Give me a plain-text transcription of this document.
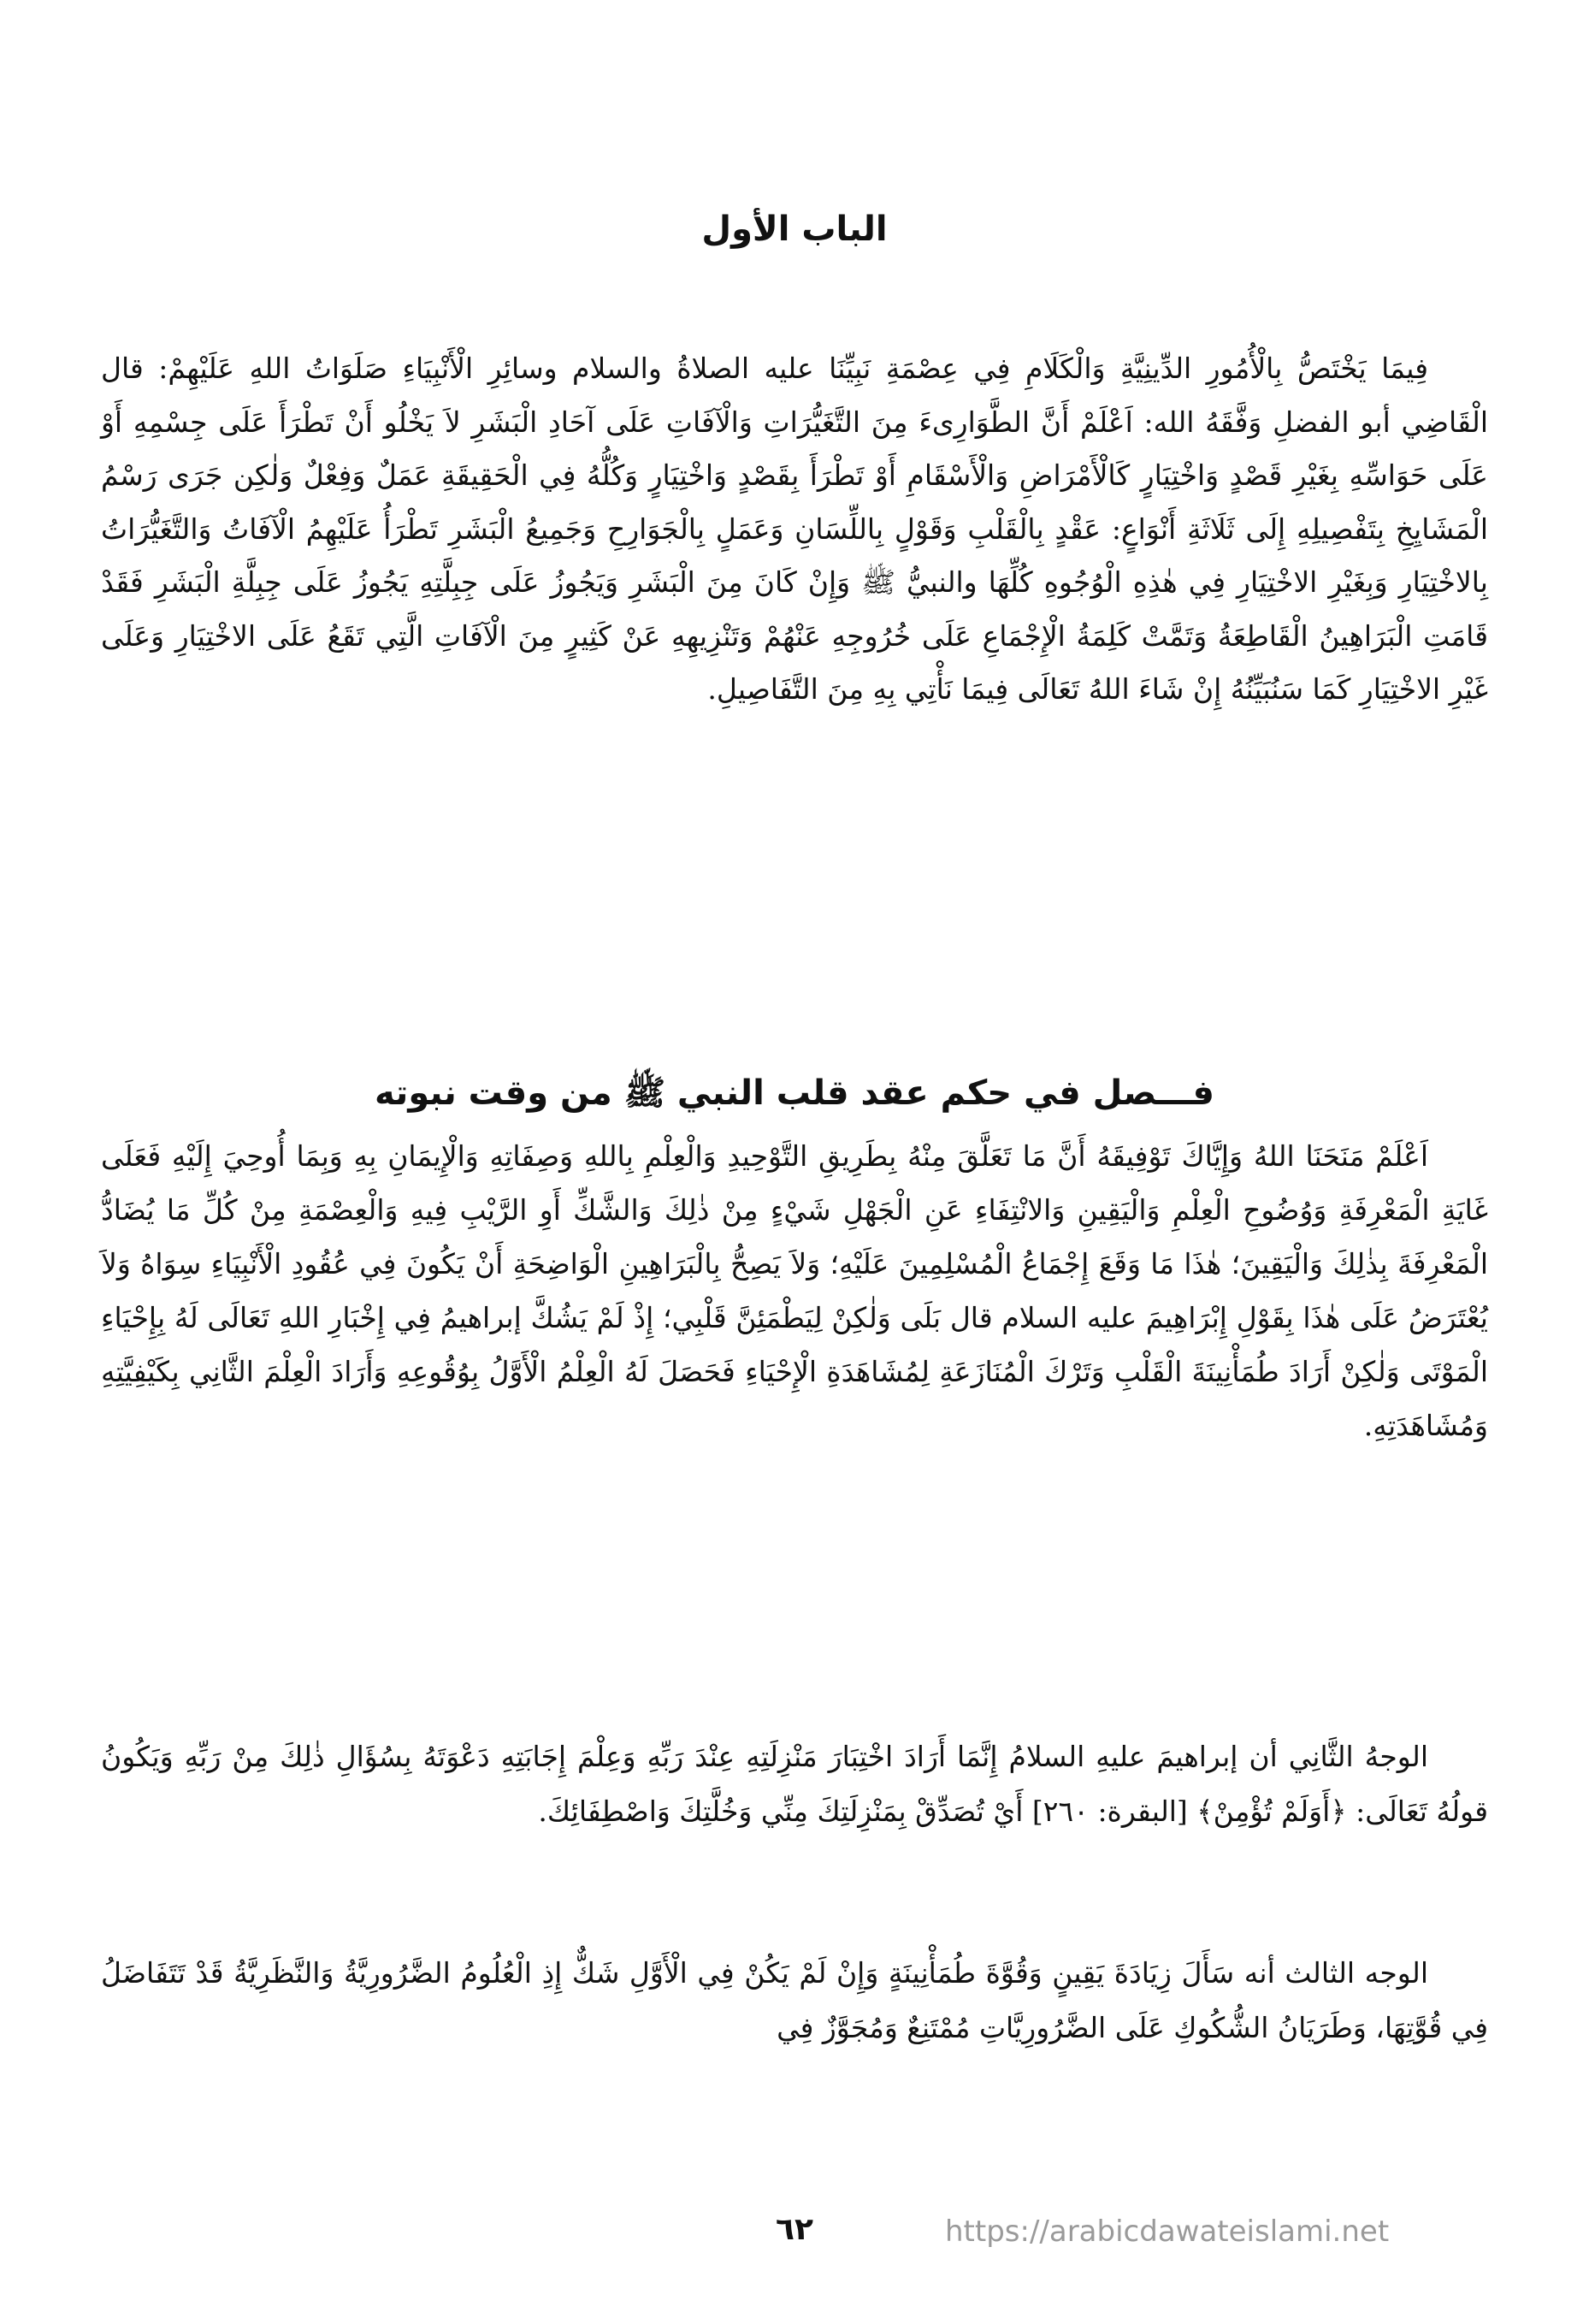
الباب الأول

فِيمَا يَخْتَصُّ بِالْأُمُورِ الدِّينِيَّةِ وَالْكَلَامِ فِي عِصْمَةِ نَبِيِّنَا عليه الصلاةُ والسلام وسائِرِ الْأَنْبِيَاءِ صَلَوَاتُ اللهِ عَلَيْهِمْ: قال الْقَاضِي أبو الفضلِ وَفَّقَهُ الله: اَعْلَمْ أَنَّ الطَّوَارِىءَ مِنَ التَّغَيُّرَاتِ وَالْآفَاتِ عَلَى آحَادِ الْبَشَرِ لاَ يَخْلُو أَنْ تَطْرَأَ عَلَى جِسْمِهِ أَوْ عَلَى حَوَاسِّهِ بِغَيْرِ قَصْدٍ وَاخْتِيَارٍ كَالْأَمْرَاضِ وَالْأَسْقَامِ أَوْ تَطْرَأَ بِقَصْدٍ وَاخْتِيَارٍ وَكُلُّهُ فِي الْحَقِيقَةِ عَمَلٌ وَفِعْلٌ وَلٰكِن جَرَى رَسْمُ الْمَشَايِخِ بِتَفْصِيلِهِ إِلَى ثَلَاثَةِ أَنْوَاعٍ: عَقْدٍ بِالْقَلْبِ وَقَوْلٍ بِاللِّسَانِ وَعَمَلٍ بِالْجَوَارِحِ وَجَمِيعُ الْبَشَرِ تَطْرَأُ عَلَيْهِمُ الْآفَاتُ وَالتَّغَيُّرَاتُ بِالاخْتِيَارِ وَبِغَيْرِ الاخْتِيَارِ فِي هٰذِهِ الْوُجُوهِ كُلِّهَا والنبيُّ ﷺ وَإِنْ كَانَ مِنَ الْبَشَرِ وَيَجُوزُ عَلَى جِبِلَّتِهِ يَجُوزُ عَلَى جِبِلَّةِ الْبَشَرِ فَقَدْ قَامَتِ الْبَرَاهِينُ الْقَاطِعَةُ وَتَمَّتْ كَلِمَةُ الْإِجْمَاعِ عَلَى خُرُوجِهِ عَنْهُمْ وَتَنْزِيهِهِ عَنْ كَثِيرٍ مِنَ الْآفَاتِ الَّتِي تَقَعُ عَلَى الاخْتِيَارِ وَعَلَى غَيْرِ الاخْتِيَارِ كَمَا سَنُبَيِّنُهُ إِنْ شَاءَ اللهُ تَعَالَى فِيمَا نَأْتِي بِهِ مِنَ التَّفَاصِيلِ.

فـــصل في حكم عقد قلب النبي ﷺ من وقت نبوته

اَعْلَمْ مَنَحَنَا اللهُ وَإِيَّاكَ تَوْفِيقَهُ أَنَّ مَا تَعَلَّقَ مِنْهُ بِطَرِيقِ التَّوْحِيدِ وَالْعِلْمِ بِاللهِ وَصِفَاتِهِ وَالْإِيمَانِ بِهِ وَبِمَا أُوحِيَ إِلَيْهِ فَعَلَى غَايَةِ الْمَعْرِفَةِ وَوُضُوحِ الْعِلْمِ وَالْيَقِينِ وَالانْتِفَاءِ عَنِ الْجَهْلِ شَيْءٍ مِنْ ذٰلِكَ وَالشَّكِّ أَوِ الرَّيْبِ فِيهِ وَالْعِصْمَةِ مِنْ كُلِّ مَا يُضَادُّ الْمَعْرِفَةَ بِذٰلِكَ وَالْيَقِينَ؛ هٰذَا مَا وَقَعَ إِجْمَاعُ الْمُسْلِمِينَ عَلَيْهِ؛ وَلاَ يَصِحُّ بِالْبَرَاهِينِ الْوَاضِحَةِ أَنْ يَكُونَ فِي عُقُودِ الْأَنْبِيَاءِ سِوَاهُ وَلاَ يُعْتَرَضُ عَلَى هٰذَا بِقَوْلِ إِبْرَاهِيمَ عليه السلام قال بَلَى وَلٰكِنْ لِيَطْمَئِنَّ قَلْبِي؛ إِذْ لَمْ يَشُكَّ إبراهيمُ فِي إِخْبَارِ اللهِ تَعَالَى لَهُ بِإِحْيَاءِ الْمَوْتَى وَلٰكِنْ أَرَادَ طُمَأْنِينَةَ الْقَلْبِ وَتَرْكَ الْمُنَازَعَةِ لِمُشَاهَدَةِ الْإِحْيَاءِ فَحَصَلَ لَهُ الْعِلْمُ الْأَوَّلُ بِوُقُوعِهِ وَأَرَادَ الْعِلْمَ الثَّانِي بِكَيْفِيَّتِهِ وَمُشَاهَدَتِهِ.

الوجهُ الثَّانِي أن إبراهيمَ عليهِ السلامُ إِنَّمَا أَرَادَ اخْتِبَارَ مَنْزِلَتِهِ عِنْدَ رَبِّهِ وَعِلْمَ إِجَابَتِهِ دَعْوَتَهُ بِسُؤَالِ ذٰلِكَ مِنْ رَبِّهِ وَيَكُونُ قولُهُ تَعَالَى: ﴿أَوَلَمْ تُؤْمِنْ﴾ [البقرة: ٢٦٠] أَيْ تُصَدِّقْ بِمَنْزِلَتِكَ مِنِّي وَخُلَّتِكَ وَاصْطِفَائِكَ.

الوجه الثالث أنه سَأَلَ زِيَادَةَ يَقِينٍ وَقُوَّةَ طُمَأْنِينَةٍ وَإِنْ لَمْ يَكُنْ فِي الْأَوَّلِ شَكٌّ إِذِ الْعُلُومُ الضَّرُورِيَّةُ وَالنَّظَرِيَّةُ قَدْ تَتَفَاضَلُ فِي قُوَّتِهَا، وَطَرَيَانُ الشُّكُوكِ عَلَى الضَّرُورِيَّاتِ مُمْتَنِعٌ وَمُجَوَّزٌ فِي

٦٢	https://arabicdawateislami.net
